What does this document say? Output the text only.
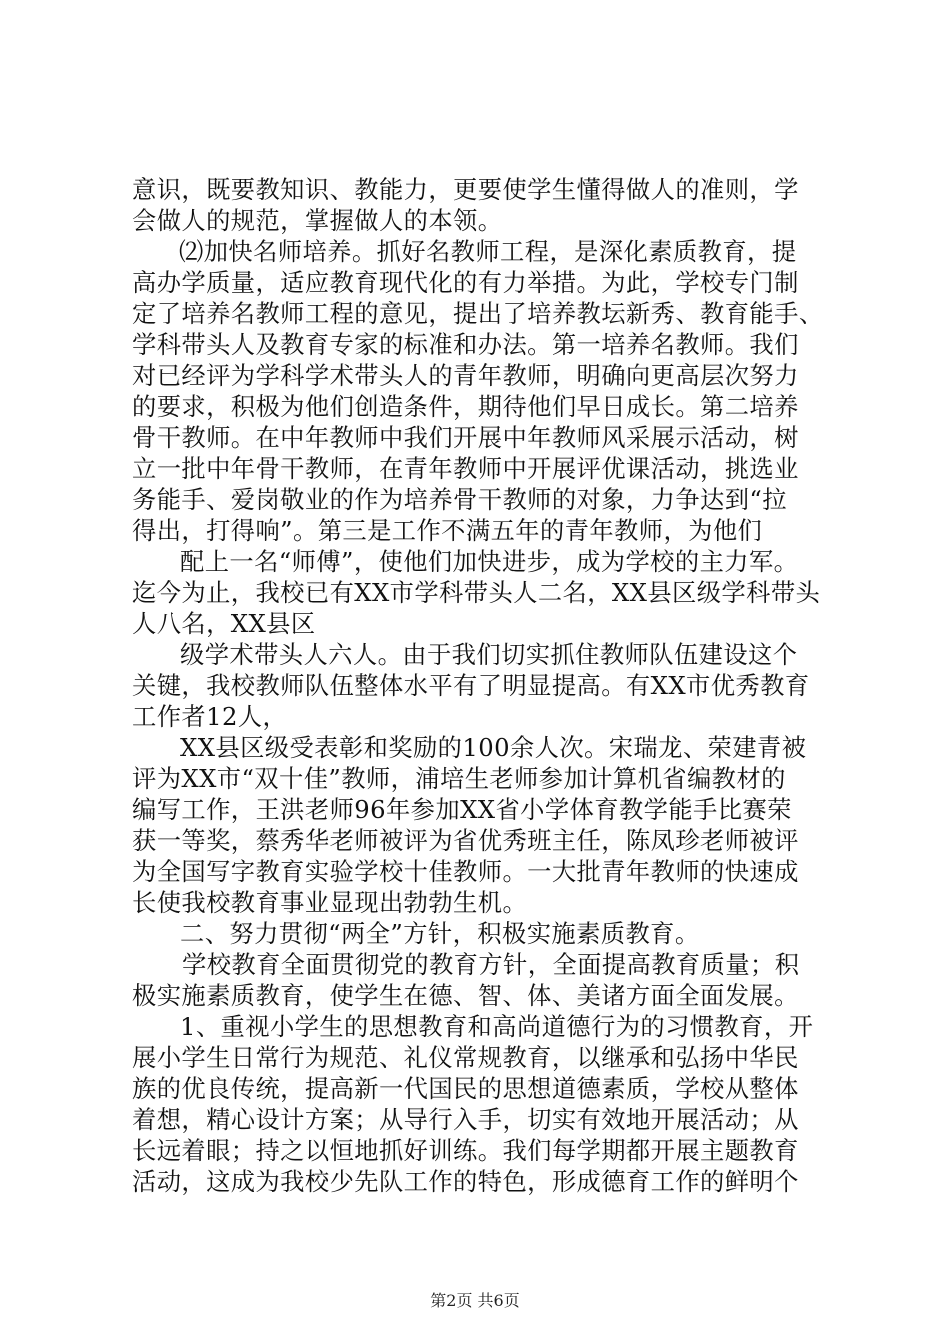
意识，既要教知识、教能力，更要使学生懂得做人的准则，学
会做人的规范，掌握做人的本领。
⑵加快名师培养。抓好名教师工程，是深化素质教育，提
高办学质量，适应教育现代化的有力举措。为此，学校专门制
定了培养名教师工程的意见，提出了培养教坛新秀、教育能手、
学科带头人及教育专家的标准和办法。第一培养名教师。我们
对已经评为学科学术带头人的青年教师，明确向更高层次努力
的要求，积极为他们创造条件，期待他们早日成长。第二培养
骨干教师。在中年教师中我们开展中年教师风采展示活动，树
立一批中年骨干教师，在青年教师中开展评优课活动，挑选业
务能手、爱岗敬业的作为培养骨干教师的对象，力争达到“拉
得出，打得响”。第三是工作不满五年的青年教师，为他们
配上一名“师傅”，使他们加快进步，成为学校的主力军。
迄今为止，我校已有XX市学科带头人二名，XX县区级学科带头
人八名，XX县区
级学术带头人六人。由于我们切实抓住教师队伍建设这个
关键，我校教师队伍整体水平有了明显提高。有XX市优秀教育
工作者12人，
XX县区级受表彰和奖励的100余人次。宋瑞龙、荣建青被
评为XX市“双十佳”教师，浦培生老师参加计算机省编教材的
编写工作，王洪老师96年参加XX省小学体育教学能手比赛荣
获一等奖，蔡秀华老师被评为省优秀班主任，陈凤珍老师被评
为全国写字教育实验学校十佳教师。一大批青年教师的快速成
长使我校教育事业显现出勃勃生机。
二、努力贯彻“两全”方针，积极实施素质教育。
学校教育全面贯彻党的教育方针，全面提高教育质量；积
极实施素质教育，使学生在德、智、体、美诸方面全面发展。
1、重视小学生的思想教育和高尚道德行为的习惯教育，开
展小学生日常行为规范、礼仪常规教育，以继承和弘扬中华民
族的优良传统，提高新一代国民的思想道德素质，学校从整体
着想，精心设计方案；从导行入手，切实有效地开展活动；从
长远着眼；持之以恒地抓好训练。我们每学期都开展主题教育
活动，这成为我校少先队工作的特色，形成德育工作的鲜明个
第2页 共6页
